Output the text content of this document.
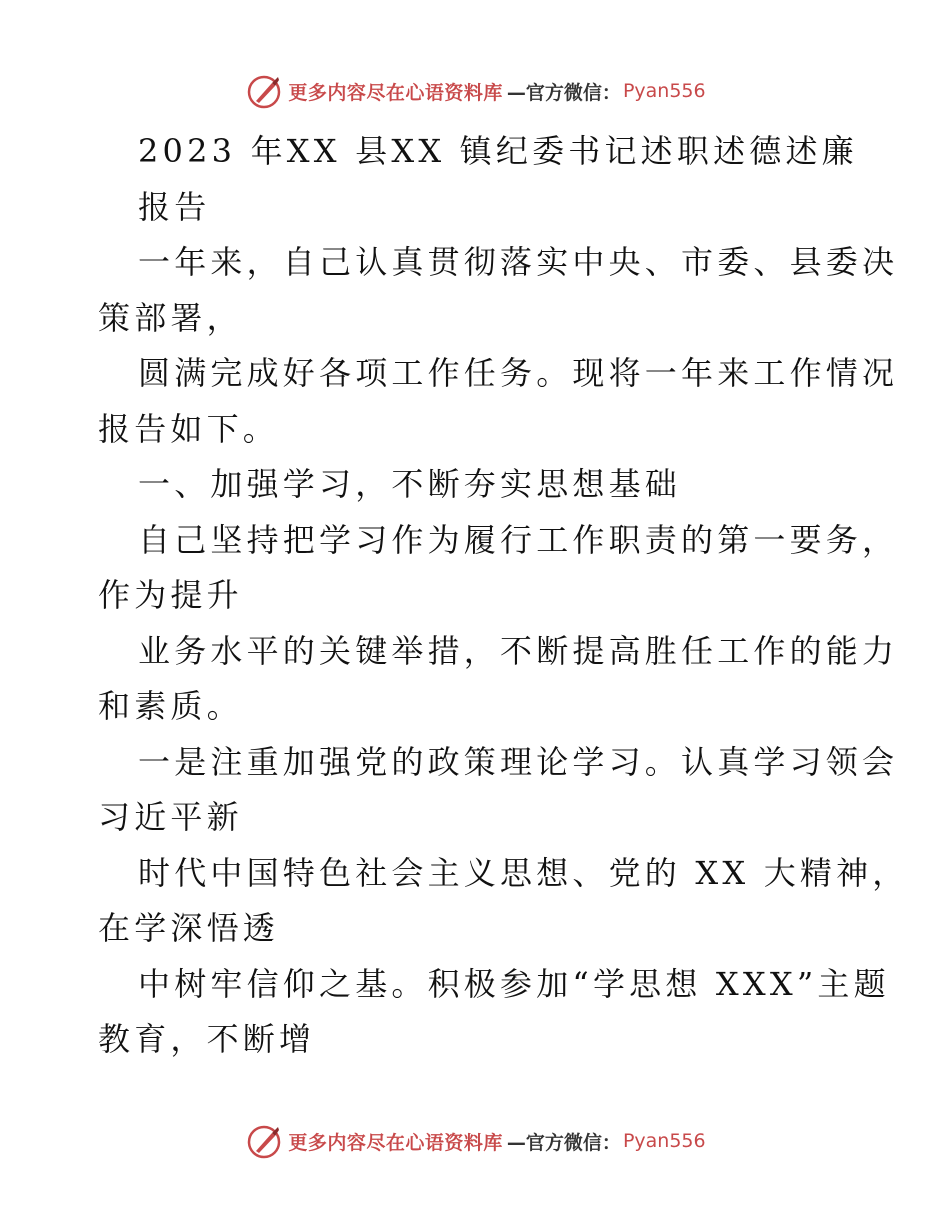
更多内容尽在心语资料库 —官方微信： Pyan556
2023 年XX 县XX 镇纪委书记述职述德述廉
报告
一年来，自己认真贯彻落实中央、市委、县委决
策部署，
圆满完成好各项工作任务。现将一年来工作情况
报告如下。
一、加强学习，不断夯实思想基础
自己坚持把学习作为履行工作职责的第一要务，
作为提升
业务水平的关键举措，不断提高胜任工作的能力
和素质。
一是注重加强党的政策理论学习。认真学习领会
习近平新
时代中国特色社会主义思想、党的 XX 大精神，
在学深悟透
中树牢信仰之基。积极参加“学思想 XXX”主题
教育，不断增
更多内容尽在心语资料库 —官方微信： Pyan556
